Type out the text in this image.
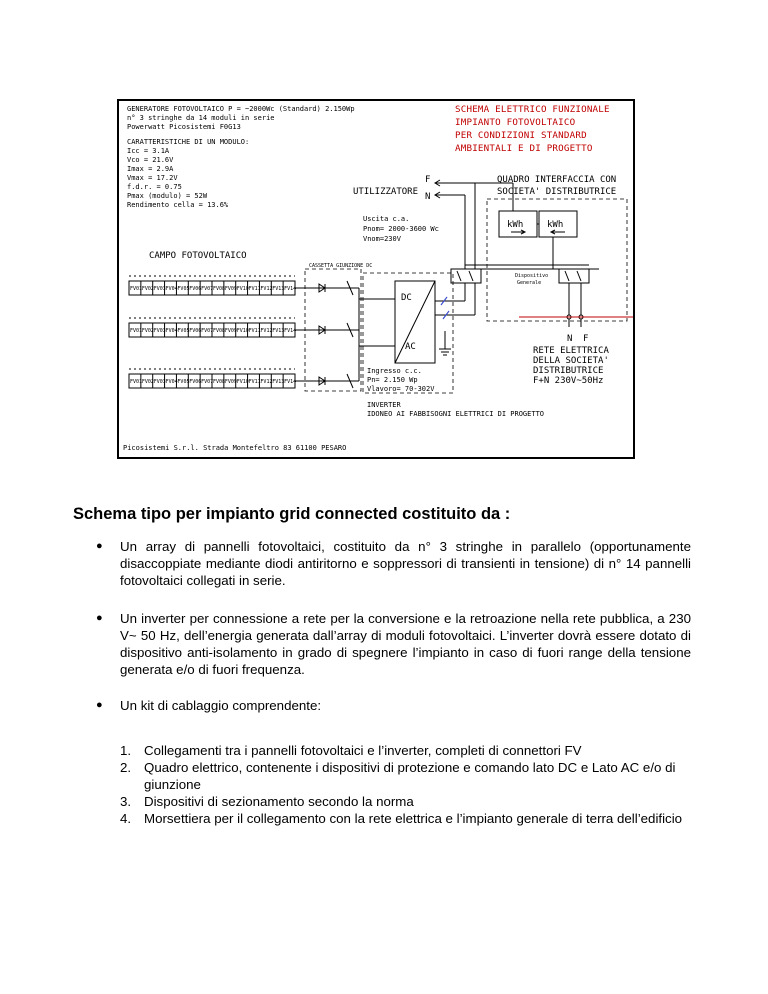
GENERATORE FOTOVOLTAICO P = ~2000Wc (Standard) 2.150Wp
n° 3 stringhe da 14 moduli in serie
Powerwatt Picosistemi F0G13
CARATTERISTICHE DI UN MODULO:
Icc = 3.1A
Vco = 21.6V
Imax = 2.9A
Vmax = 17.2V
f.d.r. = 0.75
Pmax (modulo) = 52W
Rendimento cella = 13.6%
SCHEMA ELETTRICO FUNZIONALE
IMPIANTO FOTOVOLTAICO
PER CONDIZIONI STANDARD
AMBIENTALI E DI PROGETTO
QUADRO INTERFACCIA CON
SOCIETA' DISTRIBUTRICE
kWh	kWh
UTILIZZATORE
F
N
Uscita c.a.
Pnom= 2000-3600 Wc
Vnom=230V
CAMPO FOTOVOLTAICO
CASSETTA GIUNZIONE DC
FV01 FV02 FV03 FV04 FV05 FV06 FV07 FV08 FV09 FV10 FV11 FV12 FV13 FV14
FV01 FV02 FV03 FV04 FV05 FV06 FV07 FV08 FV09 FV10 FV11 FV12 FV13 FV14
FV01 FV02 FV03 FV04 FV05 FV06 FV07 FV08 FV09 FV10 FV11 FV12 FV13 FV14
DC
AC
Dispositivo
Generale
N F
RETE ELETTRICA
DELLA SOCIETA'
DISTRIBUTRICE
F+N 230V~50Hz
Ingresso c.c.
Pn= 2.150 Wp
Vlavoro= 70-302V
INVERTER
IDONEO AI FABBISOGNI ELETTRICI DI PROGETTO
Picosistemi S.r.l. Strada Montefeltro 83 61100 PESARO
Schema tipo per impianto grid connected costituito da :
● Un array di pannelli fotovoltaici, costituito da n° 3 stringhe in parallelo (opportunamente disaccoppiate mediante diodi antiritorno e soppressori di transienti in tensione) di n° 14 pannelli fotovoltaici collegati in serie.
● Un inverter per connessione a rete per la conversione e la retroazione nella rete pubblica, a 230 V~ 50 Hz, dell’energia generata dall’array di moduli fotovoltaici. L’inverter dovrà essere dotato di dispositivo anti-isolamento in grado di spegnere l’impianto in caso di fuori range della tensione generata e/o di fuori frequenza.
● Un kit di cablaggio comprendente:
1. Collegamenti tra i pannelli fotovoltaici e l’inverter, completi di connettori FV
2. Quadro elettrico, contenente i dispositivi di protezione e comando lato DC e Lato AC e/o di giunzione
3. Dispositivi di sezionamento secondo la norma
4. Morsettiera per il collegamento con la rete elettrica e l’impianto generale di terra dell’edificio
